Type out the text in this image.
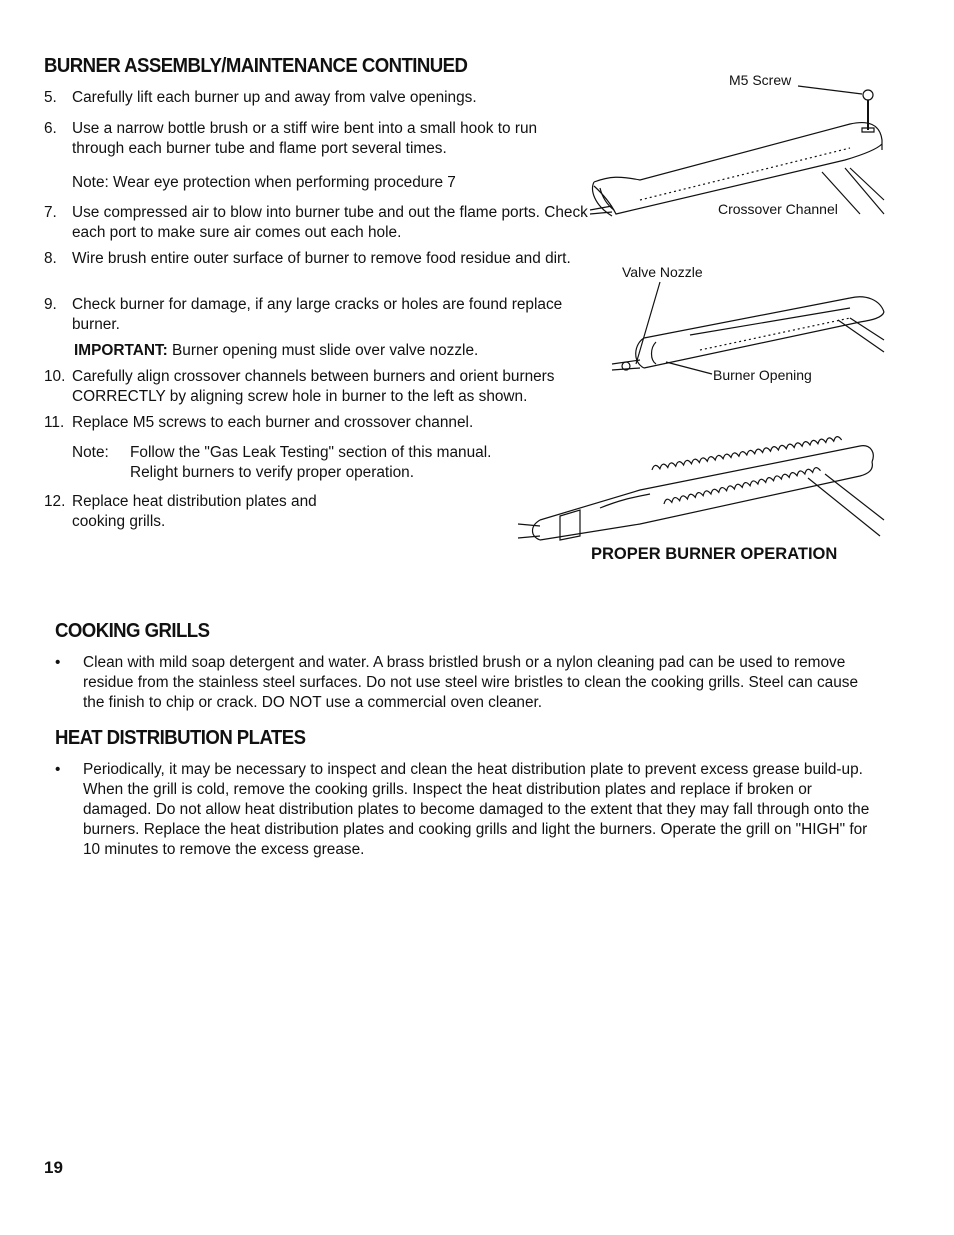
BURNER ASSEMBLY/MAINTENANCE CONTINUED
5. Carefully lift each burner up and away from valve openings.
6. Use a narrow bottle brush or a stiff wire bent into a small hook to run through each burner tube and flame port several times.
Note: Wear eye protection when performing procedure 7
7. Use compressed air to blow into burner tube and out the flame ports. Check each port to make sure air comes out each hole.
8. Wire brush entire outer surface of burner to remove food residue and dirt.
9. Check burner for damage, if any large cracks or holes are found replace burner.
IMPORTANT: Burner opening must slide over valve nozzle.
10. Carefully align crossover channels between burners and orient burners CORRECTLY by aligning screw hole in burner to the left as shown.
11. Replace M5 screws to each burner and crossover channel.
Note: Follow the "Gas Leak Testing" section of this manual. Relight burners to verify proper operation.
12. Replace heat distribution plates and cooking grills.
M5 Screw
Crossover Channel
Valve Nozzle
Burner Opening
PROPER BURNER OPERATION
COOKING GRILLS
• Clean with mild soap detergent and water. A brass bristled brush or a nylon cleaning pad can be used to remove residue from the stainless steel surfaces. Do not use steel wire bristles to clean the cooking grills. Steel can cause the finish to chip or crack. DO NOT use a commercial oven cleaner.
HEAT DISTRIBUTION PLATES
• Periodically, it may be necessary to inspect and clean the heat distribution plate to prevent excess grease build-up. When the grill is cold, remove the cooking grills. Inspect the heat distribution plates and replace if broken or damaged. Do not allow heat distribution plates to become damaged to the extent that they may fall through onto the burners. Replace the heat distribution plates and cooking grills and light the burners. Operate the grill on "HIGH" for 10 minutes to remove the excess grease.
19
